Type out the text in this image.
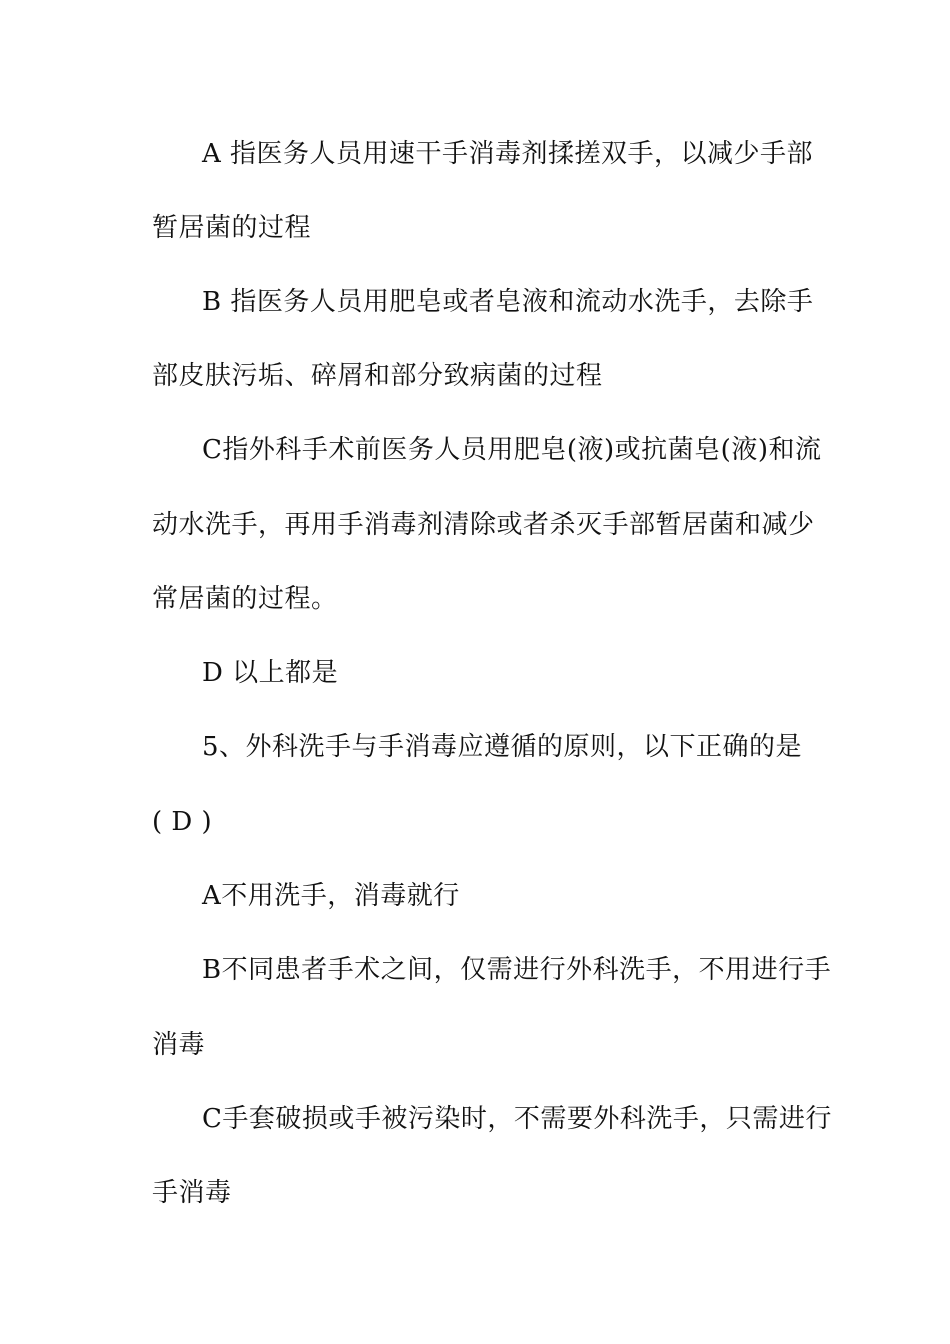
A 指医务人员用速干手消毒剂揉搓双手，以减少手部
暂居菌的过程
B 指医务人员用肥皂或者皂液和流动水洗手，去除手
部皮肤污垢、碎屑和部分致病菌的过程
C指外科手术前医务人员用肥皂(液)或抗菌皂(液)和流
动水洗手，再用手消毒剂清除或者杀灭手部暂居菌和减少
常居菌的过程。
D 以上都是
5、外科洗手与手消毒应遵循的原则，以下正确的是
( D )
A不用洗手，消毒就行
B不同患者手术之间，仅需进行外科洗手，不用进行手
消毒
C手套破损或手被污染时，不需要外科洗手，只需进行
手消毒
